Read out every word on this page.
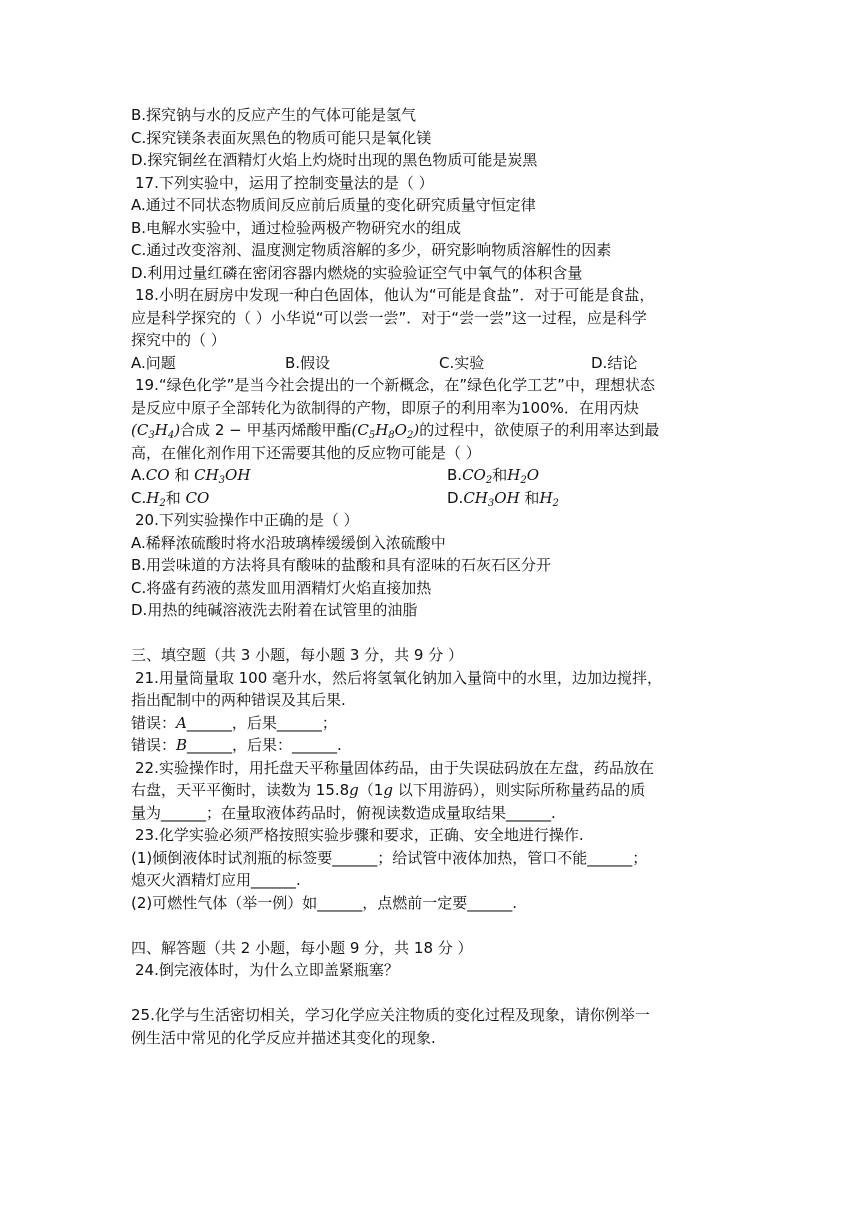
B.探究钠与水的反应产生的气体可能是氢气
C.探究镁条表面灰黑色的物质可能只是氧化镁
D.探究铜丝在酒精灯火焰上灼烧时出现的黑色物质可能是炭黑
17.下列实验中，运用了控制变量法的是（ ）
A.通过不同状态物质间反应前后质量的变化研究质量守恒定律
B.电解水实验中，通过检验两极产物研究水的组成
C.通过改变溶剂、温度测定物质溶解的多少，研究影响物质溶解性的因素
D.利用过量红磷在密闭容器内燃烧的实验验证空气中氧气的体积含量
18.小明在厨房中发现一种白色固体，他认为“可能是食盐”．对于可能是食盐，
应是科学探究的（ ）小华说“可以尝一尝”．对于“尝一尝”这一过程，应是科学
探究中的（ ）
A.问题	B.假设	C.实验	D.结论
19.“绿色化学”是当今社会提出的一个新概念，在”绿色化学工艺”中，理想状态
是反应中原子全部转化为欲制得的产物，即原子的利用率为100%．在用丙炔
$(C_3H_4)$合成 2 − 甲基丙烯酸甲酯$(C_5H_8O_2)$的过程中，欲使原子的利用率达到最
高，在催化剂作用下还需要其他的反应物可能是（ ）
A.CO 和 $CH_3OH$	$B.CO_2$和$H_2O$
$C.H_2$和 CO	$D.CH_3OH$ 和$H_2$
20.下列实验操作中正确的是（ ）
A.稀释浓硫酸时将水沿玻璃棒缓缓倒入浓硫酸中
B.用尝味道的方法将具有酸味的盐酸和具有涩味的石灰石区分开
C.将盛有药液的蒸发皿用酒精灯火焰直接加热
D.用热的纯碱溶液洗去附着在试管里的油脂
三、填空题（共 3 小题，每小题 3 分，共 9 分 ）
21.用量筒量取 100 毫升水，然后将氢氧化钠加入量筒中的水里，边加边搅拌，
指出配制中的两种错误及其后果.
错误：A______，后果______；
错误：B______，后果：______.
22.实验操作时，用托盘天平称量固体药品，由于失误砝码放在左盘，药品放在
右盘，天平平衡时，读数为 15.8g（1g 以下用游码），则实际所称量药品的质
量为______；在量取液体药品时，俯视读数造成量取结果______.
23.化学实验必须严格按照实验步骤和要求，正确、安全地进行操作.
(1)倾倒液体时试剂瓶的标签要______；给试管中液体加热，管口不能______；
熄灭火酒精灯应用______.
(2)可燃性气体（举一例）如______，点燃前一定要______.
四、解答题（共 2 小题，每小题 9 分，共 18 分 ）
24.倒完液体时，为什么立即盖紧瓶塞？
25.化学与生活密切相关，学习化学应关注物质的变化过程及现象，请你例举一
例生活中常见的化学反应并描述其变化的现象.
